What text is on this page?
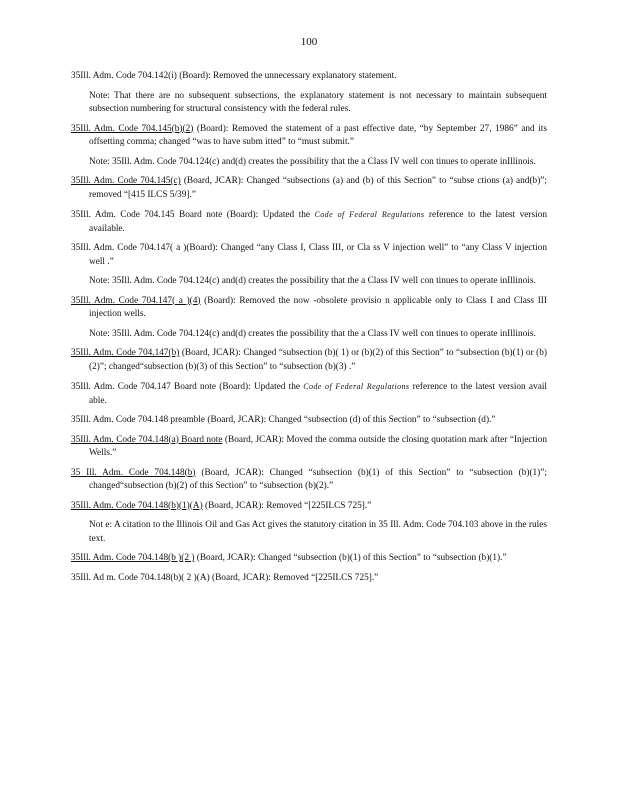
100

35Ill. Adm. Code 704.142(i) (Board): Removed the unnecessary explanatory statement.

Note: That there are no subsequent subsections, the explanatory statement is not necessary to maintain subsequent subsection numbering for structural consistency with the federal rules.

35Ill. Adm. Code 704.145(b)(2) (Board): Removed the statement of a past effective date, “by September 27, 1986” and its offsetting comma; changed “was to have subm itted” to “must submit.”

Note: 35Ill. Adm. Code 704.124(c) and(d) creates the possibility that the a Class IV well con tinues to operate inIllinois.

35Ill. Adm. Code 704.145(c) (Board, JCAR): Changed “subsections (a) and (b) of this Section” to “subse ctions (a) and(b)”; removed “[415 ILCS 5/39].”

35Ill. Adm. Code 704.145 Board note (Board): Updated the Code of Federal Regulations reference to the latest version available.

35Ill. Adm. Code 704.147( a )(Board): Changed “any Class I, Class III, or Cla ss V injection well” to “any Class V injection well .”

Note: 35Ill. Adm. Code 704.124(c) and(d) creates the possibility that the a Class IV well con tinues to operate inIllinois.

35Ill. Adm. Code 704.147( a )(4) (Board): Removed the now -obsolete provisio n applicable only to Class I and Class III injection wells.

Note: 35Ill. Adm. Code 704.124(c) and(d) creates the possibility that the a Class IV well con tinues to operate inIllinois.

35Ill. Adm. Code 704.147(b) (Board, JCAR): Changed “subsection (b)( 1) or (b)(2) of this Section” to “subsection (b)(1) or (b)(2)”; changed“subsection (b)(3) of this Section” to “subsection (b)(3) .”

35Ill. Adm. Code 704.147 Board note (Board): Updated the Code of Federal Regulations reference to the latest version avail able.

35Ill. Adm. Code 704.148 preamble (Board, JCAR): Changed “subsection (d) of this Section” to “subsection (d).”

35Ill. Adm. Code 704.148(a) Board note (Board, JCAR): Moved the comma outside the closing quotation mark after “Injection Wells.”

35 Ill. Adm. Code 704.148(b) (Board, JCAR): Changed “subsection (b)(1) of this Section” to “subsection (b)(1)”; changed“subsection (b)(2) of this Section” to “subsection (b)(2).”

35Ill. Adm. Code 704.148(b)(1)(A) (Board, JCAR): Removed “[225ILCS 725].”

Not e: A citation to the Illinois Oil and Gas Act gives the statutory citation in 35 Ill. Adm. Code 704.103 above in the rules text.

35Ill. Adm. Code 704.148(b )(2 ) (Board, JCAR): Changed “subsection (b)(1) of this Section” to “subsection (b)(1).”

35Ill. Ad m. Code 704.148(b)( 2 )(A) (Board, JCAR): Removed “[225ILCS 725].”
